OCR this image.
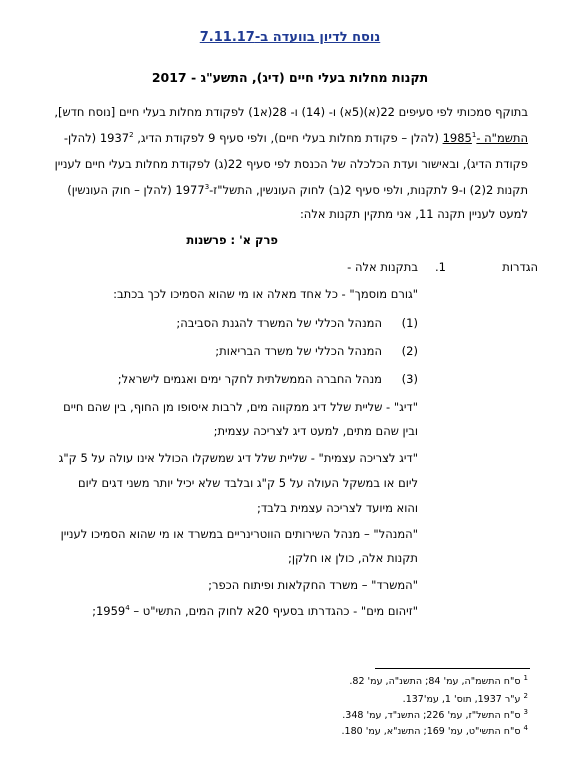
נוסח לדיון בוועדה ב-7.11.17
תקנות מחלות בעלי חיים (דיג), התשע"ג - 2017
בתוקף סמכותי לפי סעיפים 22(א)(5א) ו- (14) ו- 28(א1) לפקודת מחלות בעלי חיים [נוסח חדש],
התשמ"ה -1985$^1$ (להלן – פקודת מחלות בעלי חיים), ולפי סעיף 9 לפקודת הדיג, 1937$^2$ (להלן-
פקודת הדיג), ובאישור ועדת הכלכלה של הכנסת לפי סעיף 22(ג) לפקודת מחלות בעלי חיים לעניין
תקנות 2(2) ו-9 לתקנות, ולפי סעיף 2(ב) לחוק העונשין, התשל"ז-1977$^3$ (להלן – חוק העונשין)
למעט לעניין תקנה 11, אני מתקין תקנות אלה:
פרק א' : פרשנות
הגדרות
1.
בתקנות אלה -
"גורם מוסמך" - כל אחד מאלה או מי שהוא הסמיכו לכך בכתב:
(1)
המנהל הכללי של המשרד להגנת הסביבה;
(2)
המנהל הכללי של משרד הבריאות;
(3)
מנהל החברה הממשלתית לחקר ימים ואגמים לישראל;
"דיג" - שליית שלל דיג ממקווה מים, לרבות איסופו מן החוף, בין שהם חיים
ובין שהם מתים, למעט דיג לצריכה עצמית;
"דיג לצריכה עצמית" - שליית שלל דיג שמשקלו הכולל אינו עולה על 5 ק"ג
ליום או במשקל העולה על 5 ק"ג ובלבד שלא יכיל יותר משני דגים ליום
והוא מיועד לצריכה עצמית בלבד;
"המנהל" – מנהל השירותים הווטרינריים במשרד או מי שהוא הסמיכו לעניין
תקנות אלה, כולן או חלקן;
"המשרד" – משרד החקלאות ופיתוח הכפר;
"זיהום מים" - כהגדרתו בסעיף 20א לחוק המים, התשי"ט – 1959$^4$;
$^1$ ס"ח התשמ"ה, עמ' 84; התשנ"ה, עמ' 82.
$^2$ ע"ר 1937, תוס' 1, עמ'137.
$^3$ ס"ח התשל"ז, עמ' 226; התשנ"ד, עמ' 348.
$^4$ ס"ח התשי"ט, עמ' 169; התשנ"א, עמ' 180.
